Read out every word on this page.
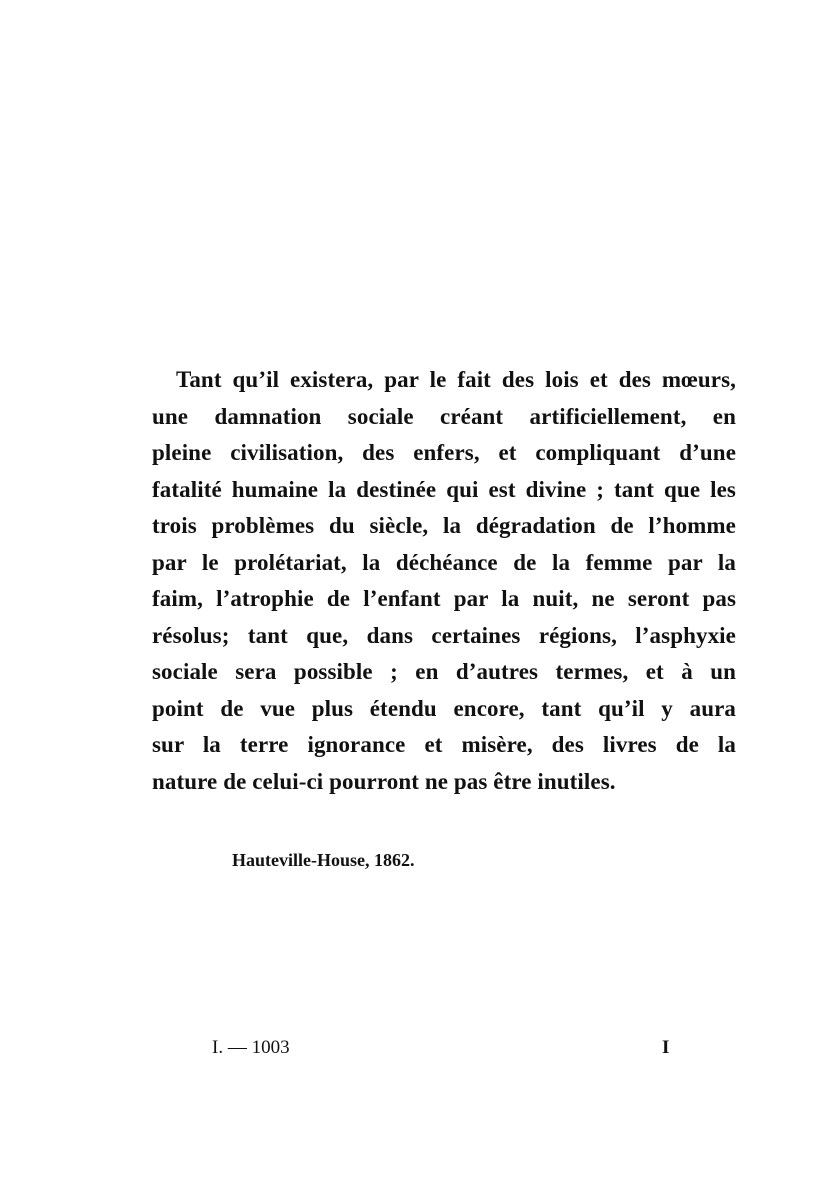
Tant qu’il existera, par le fait des lois et des mœurs,
une damnation sociale créant artificiellement, en
pleine civilisation, des enfers, et compliquant d’une
fatalité humaine la destinée qui est divine ; tant que les
trois problèmes du siècle, la dégradation de l’homme
par le prolétariat, la déchéance de la femme par la
faim, l’atrophie de l’enfant par la nuit, ne seront pas
résolus; tant que, dans certaines régions, l’asphyxie
sociale sera possible ; en d’autres termes, et à un
point de vue plus étendu encore, tant qu’il y aura
sur la terre ignorance et misère, des livres de la
nature de celui-ci pourront ne pas être inutiles.
Hauteville-House, 1862.
I. — 1003	I
